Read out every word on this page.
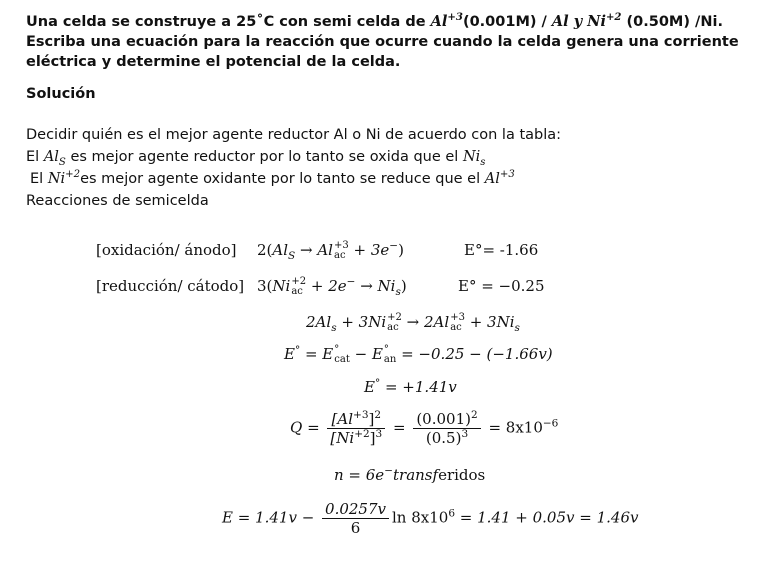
Una celda se construye a 25˚C con semi celda de $Al^{+3}(0.001M)$ / Al y $Ni^{+2}$ (0.50M) /Ni. Escriba una ecuación para la reacción que ocurre cuando la celda genera una corriente eléctrica y determine el potencial de la celda.
Solución
Decidir quién es el mejor agente reductor Al o Ni de acuerdo con la tabla:
El $Al_S$ es mejor agente reductor por lo tanto se oxida que el $Ni_s$
El $Ni^{+2}es$ mejor agente oxidante por lo tanto se reduce que el $Al^{+3}$
Reacciones de semicelda
[oxidación/ ánodo] $2(Al_S \to Al +3$
ac + 3e−)	E°= -1.66
[reducción/ cátodo] 3(Ni +2
ac + $2e^- \to Ni_s$)	E° = −0.25
$2Al_s + 3Ni +2$
ac → 2Al +3
ac + $3Ni_s$
E° = E °
cat − E °
an = −0.25 − (−1.66v)
E° = +1.41v
$Q = \frac{[Al^{+3}]^2}{[Ni^{+2}]^3} = \frac{(0.001)^2}{(0.5)^3} = 8x10^{-6}$
n = 6e−transferidos
$E = 1.41v - \frac{0.0257v}{6}$ $\ln 8x10^6 = 1.41 + 0.05v = 1.46v$
